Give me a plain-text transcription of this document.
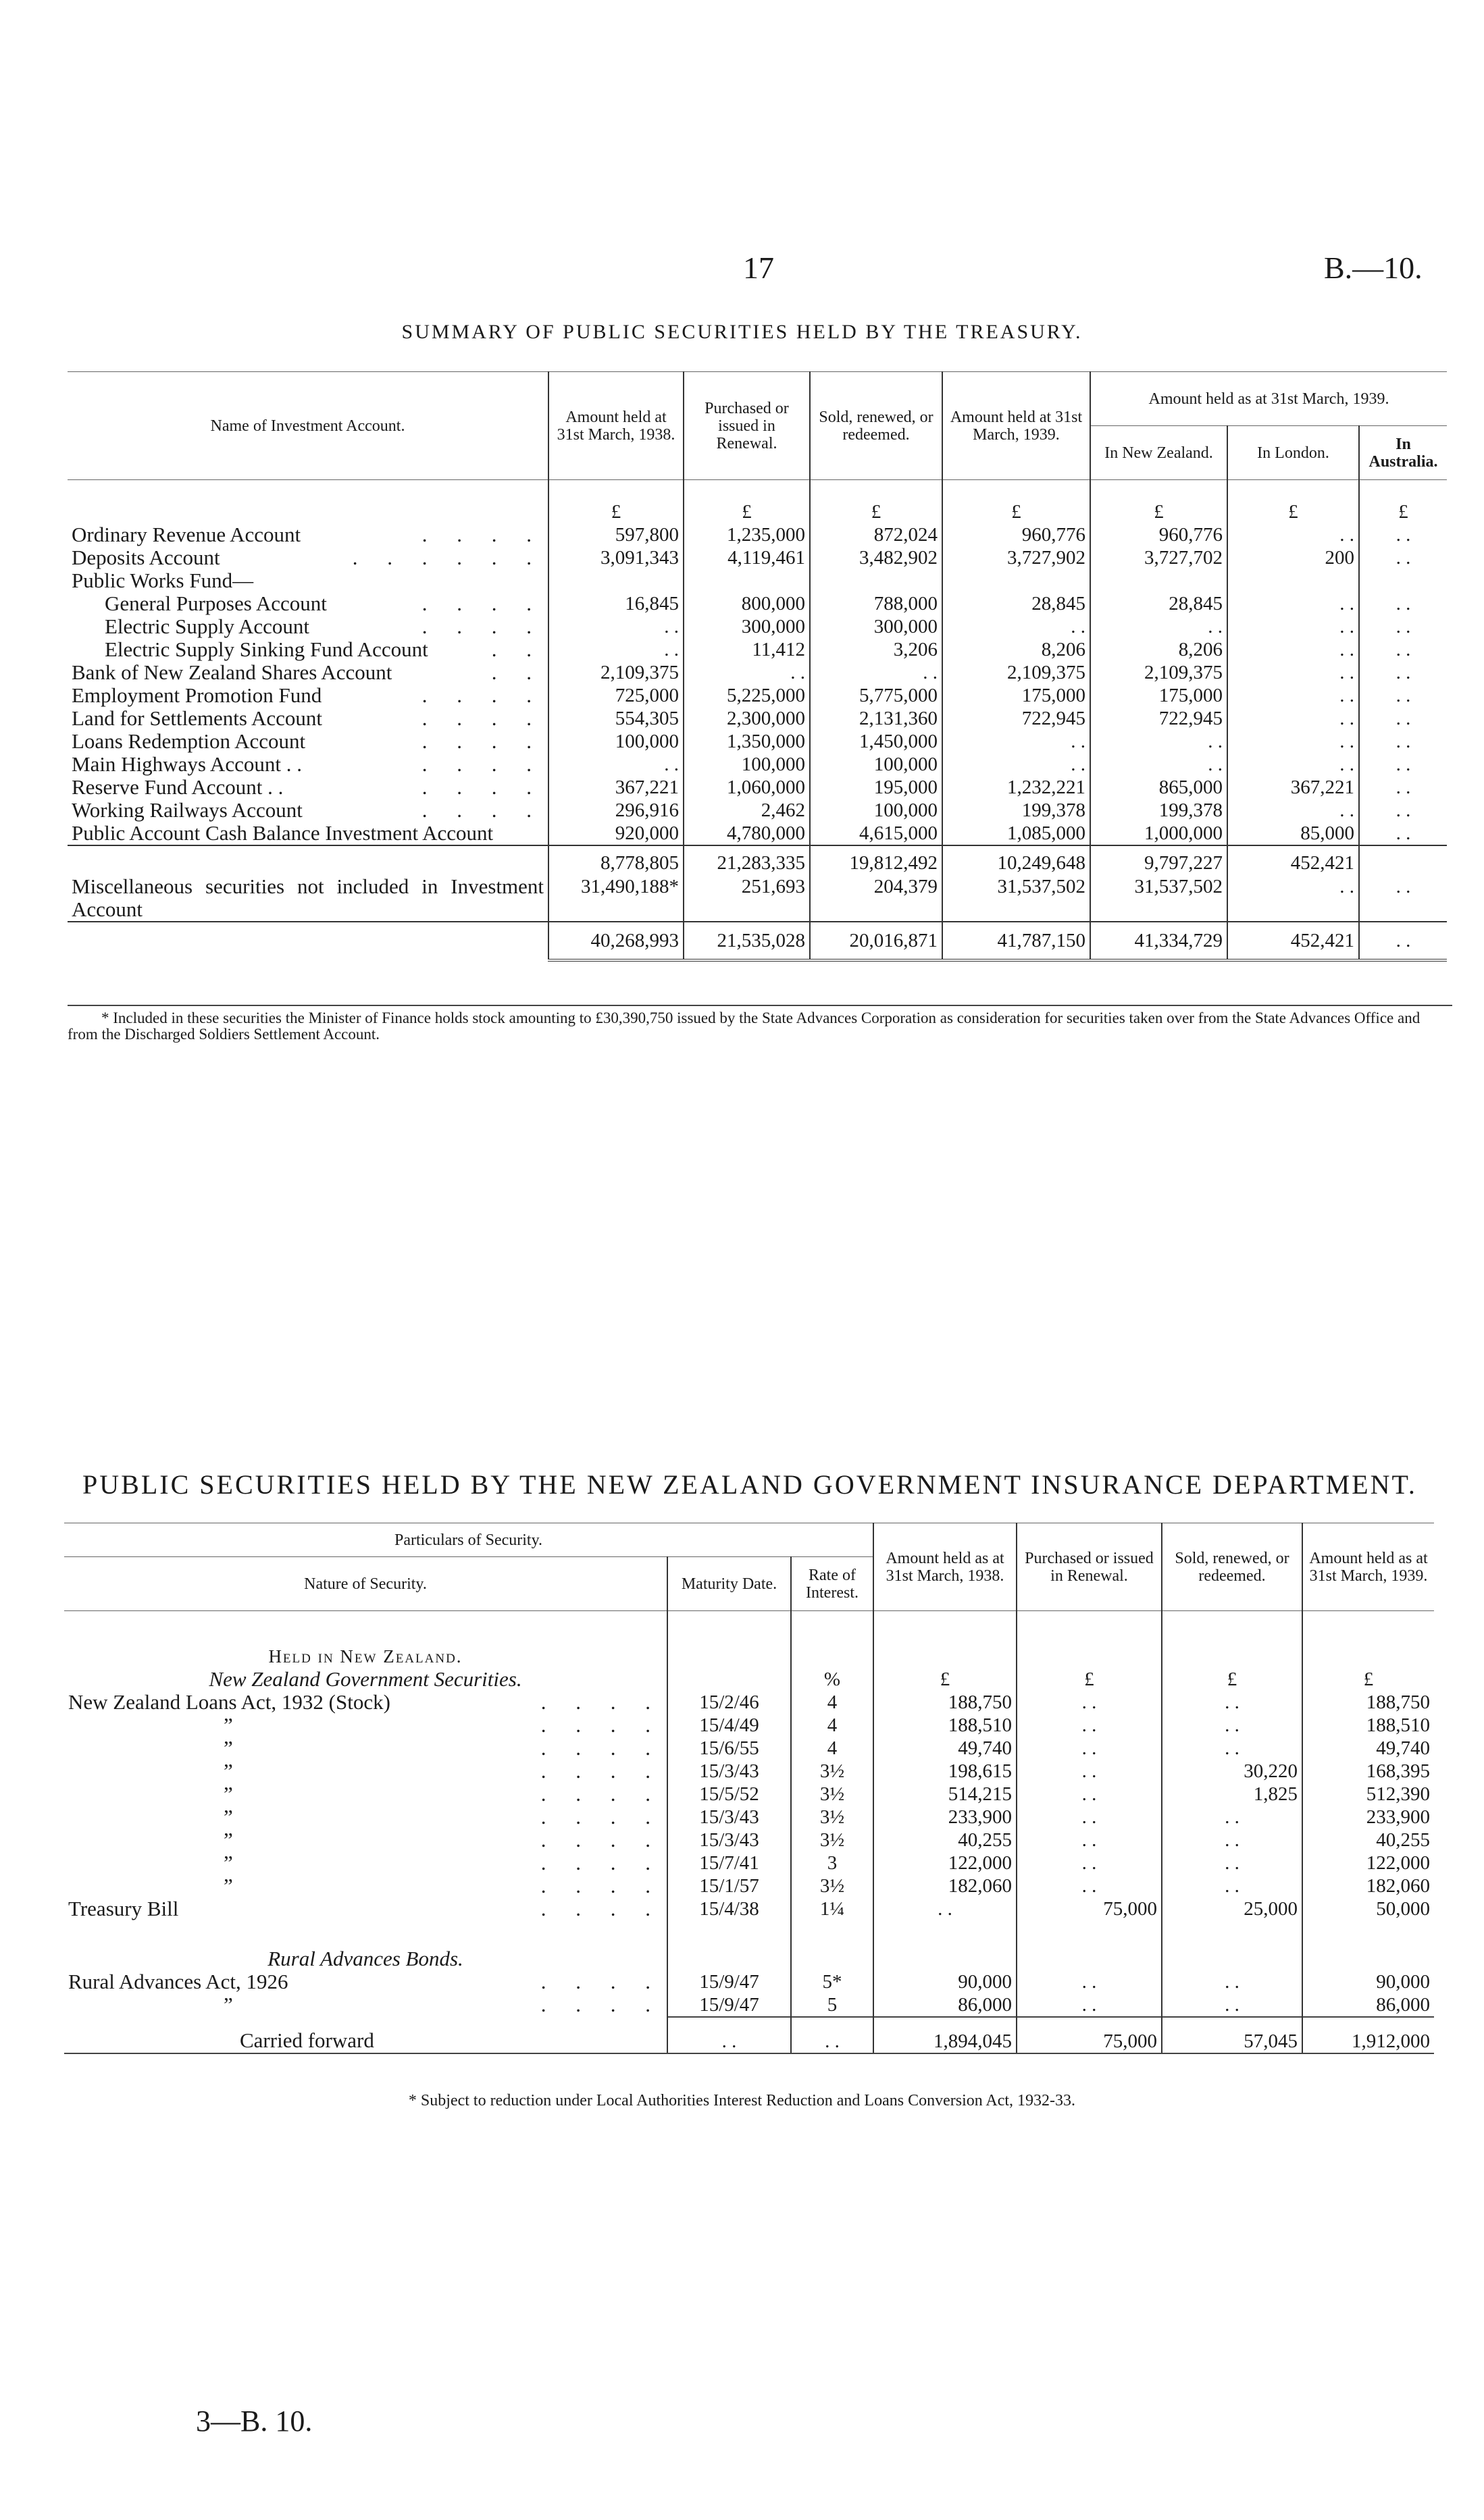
17	B.—10.
SUMMARY OF PUBLIC SECURITIES HELD BY THE TREASURY.
Name of Investment Account.	Amount held at 31st March, 1938.	Purchased or issued in Renewal.	Sold, renewed, or redeemed.	Amount held at 31st March, 1939.	Amount held as at 31st March, 1939.		
					In New Zealand.	In London.	In Australia.

	£	£	£	£	£	£	£
Ordinary Revenue Account . . . .	597,800	1,235,000	872,024	960,776	960,776	. .	. .
Deposits Account . . . . . .	3,091,343	4,119,461	3,482,902	3,727,902	3,727,702	200	. .
Public Works Fund—							
General Purposes Account . . . .	16,845	800,000	788,000	28,845	28,845	. .	. .
Electric Supply Account . . . .	. .	300,000	300,000	. .	. .	. .	. .
Electric Supply Sinking Fund Account . .	. .	11,412	3,206	8,206	8,206	. .	. .
Bank of New Zealand Shares Account . .	2,109,375	. .	. .	2,109,375	2,109,375	. .	. .
Employment Promotion Fund . . . .	725,000	5,225,000	5,775,000	175,000	175,000	. .	. .
Land for Settlements Account . . . .	554,305	2,300,000	2,131,360	722,945	722,945	. .	. .
Loans Redemption Account . . . .	100,000	1,350,000	1,450,000	. .	. .	. .	. .
Main Highways Account . . . . . .	. .	100,000	100,000	. .	. .	. .	. .
Reserve Fund Account . . . . . .	367,221	1,060,000	195,000	1,232,221	865,000	367,221	. .
Working Railways Account . . . .	296,916	2,462	100,000	199,378	199,378	. .	. .
Public Account Cash Balance Investment Account	920,000	4,780,000	4,615,000	1,085,000	1,000,000	85,000	. .
	8,778,805	21,283,335	19,812,492	10,249,648	9,797,227	452,421	
Miscellaneous securities not included in Investment Account	31,490,188*	251,693	204,379	31,537,502	31,537,502	. .	. .
	40,268,993	21,535,028	20,016,871	41,787,150	41,334,729	452,421	. .
* Included in these securities the Minister of Finance holds stock amounting to £30,390,750 issued by the State Advances Corporation as consideration for securities taken over from the State Advances Office and from the Discharged Soldiers Settlement Account.
PUBLIC SECURITIES HELD BY THE NEW ZEALAND GOVERNMENT INSURANCE DEPARTMENT.
Particulars of Security.			Amount held as at 31st March, 1938.	Purchased or issued in Renewal.	Sold, renewed, or redeemed.	Amount held as at 31st March, 1939.
Nature of Security.	Maturity Date.	Rate of Interest.				

Held in New Zealand.						
New Zealand Government Securities.		%	£	£	£	£
New Zealand Loans Act, 1932 (Stock) . . . .	15/2/46	4	188,750	. .	. .	188,750
” . . . .	15/4/49	4	188,510	. .	. .	188,510
” . . . .	15/6/55	4	49,740	. .	. .	49,740
” . . . .	15/3/43	3½	198,615	. .	30,220	168,395
” . . . .	15/5/52	3½	514,215	. .	1,825	512,390
” . . . .	15/3/43	3½	233,900	. .	. .	233,900
” . . . .	15/3/43	3½	40,255	. .	. .	40,255
” . . . .	15/7/41	3	122,000	. .	. .	122,000
” . . . .	15/1/57	3½	182,060	. .	. .	182,060
Treasury Bill . . . .	15/4/38	1¼	. .	75,000	25,000	50,000

Rural Advances Bonds.						
Rural Advances Act, 1926 . . . .	15/9/47	5*	90,000	. .	. .	90,000
” . . . .	15/9/47	5	86,000	. .	. .	86,000
Carried forward	. .	. .	1,894,045	75,000	57,045	1,912,000
* Subject to reduction under Local Authorities Interest Reduction and Loans Conversion Act, 1932-33.
3—B. 10.
